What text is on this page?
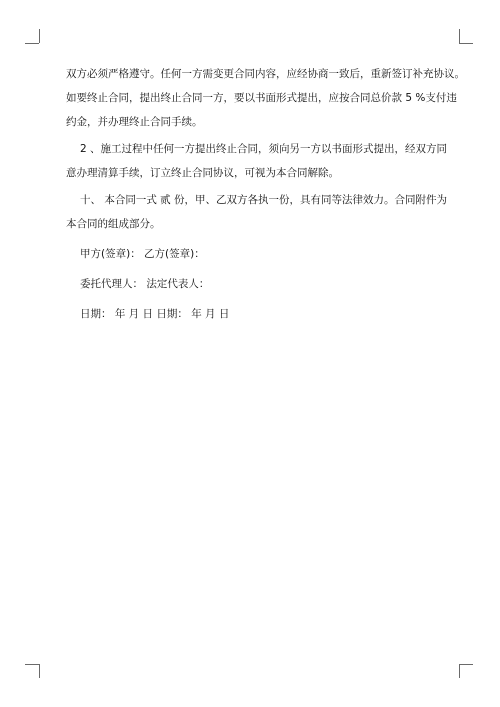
双方必须严格遵守。任何一方需变更合同内容，应经协商一致后，重新签订补充协议。

如要终止合同，提出终止合同一方，要以书面形式提出，应按合同总价款 5 %支付违

约金，并办理终止合同手续。

2 、施工过程中任何一方提出终止合同，须向另一方以书面形式提出，经双方同

意办理清算手续，订立终止合同协议，可视为本合同解除。

十、 本合同一式 贰 份，甲、乙双方各执一份，具有同等法律效力。合同附件为

本合同的组成部分。

甲方(签章)： 乙方(签章)：

委托代理人： 法定代表人：

日期： 年 月 日 日期： 年 月 日
